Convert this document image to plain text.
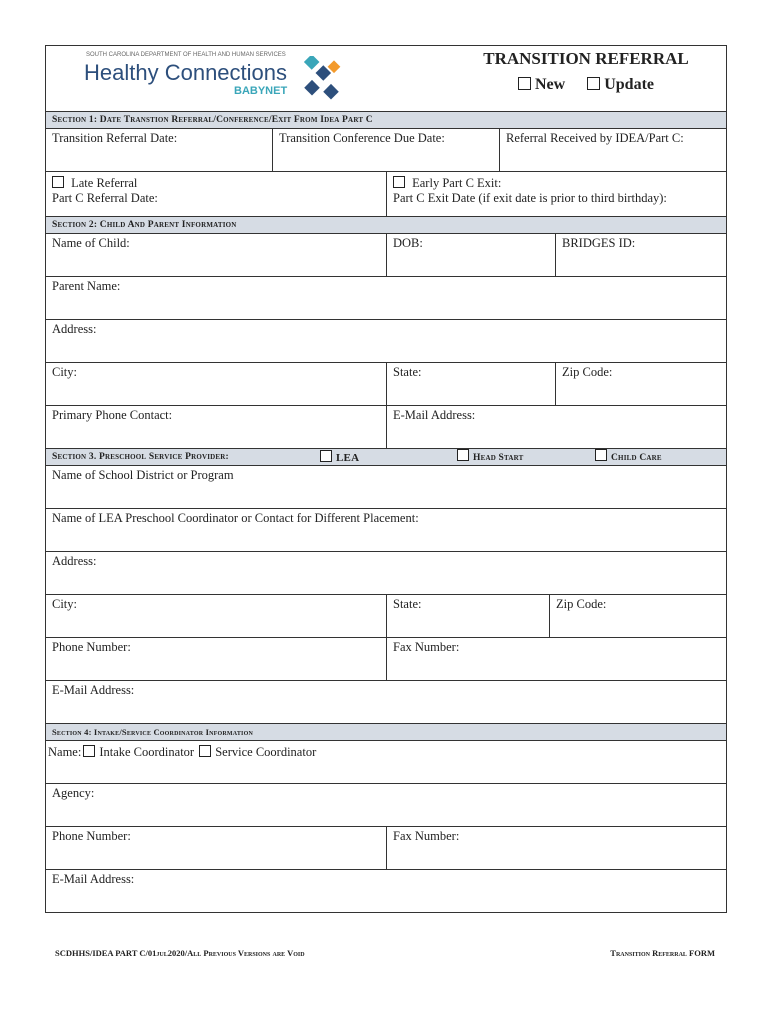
SOUTH CAROLINA DEPARTMENT OF HEALTH AND HUMAN SERVICES
Healthy Connections
BABYNET
TRANSITION REFERRAL
New	Update
Section 1: Date Transtion Referral/Conference/Exit From Idea Part C
Transition Referral Date:	Transition Conference Due Date:	Referral Received by IDEA/Part C:
Late Referral
Part C Referral Date:
Early Part C Exit:
Part C Exit Date (if exit date is prior to third birthday):
Section 2: Child And Parent Information
Name of Child:	DOB:	BRIDGES ID:
Parent Name:
Address:
City:	State:	Zip Code:
Primary Phone Contact:	E-Mail Address:
Section 3. Preschool Service Provider:	LEA	Head Start	Child Care
Name of School District or Program
Name of LEA Preschool Coordinator or Contact for Different Placement:
Address:
City:	State:	Zip Code:
Phone Number:	Fax Number:
E-Mail Address:
Section 4: Intake/Service Coordinator Information
Name: Intake Coordinator Service Coordinator
Agency:
Phone Number:	Fax Number:
E-Mail Address:
SCDHHS/IDEA PART C/01jul2020/All Previous Versions are Void	Transition Referral FORM
